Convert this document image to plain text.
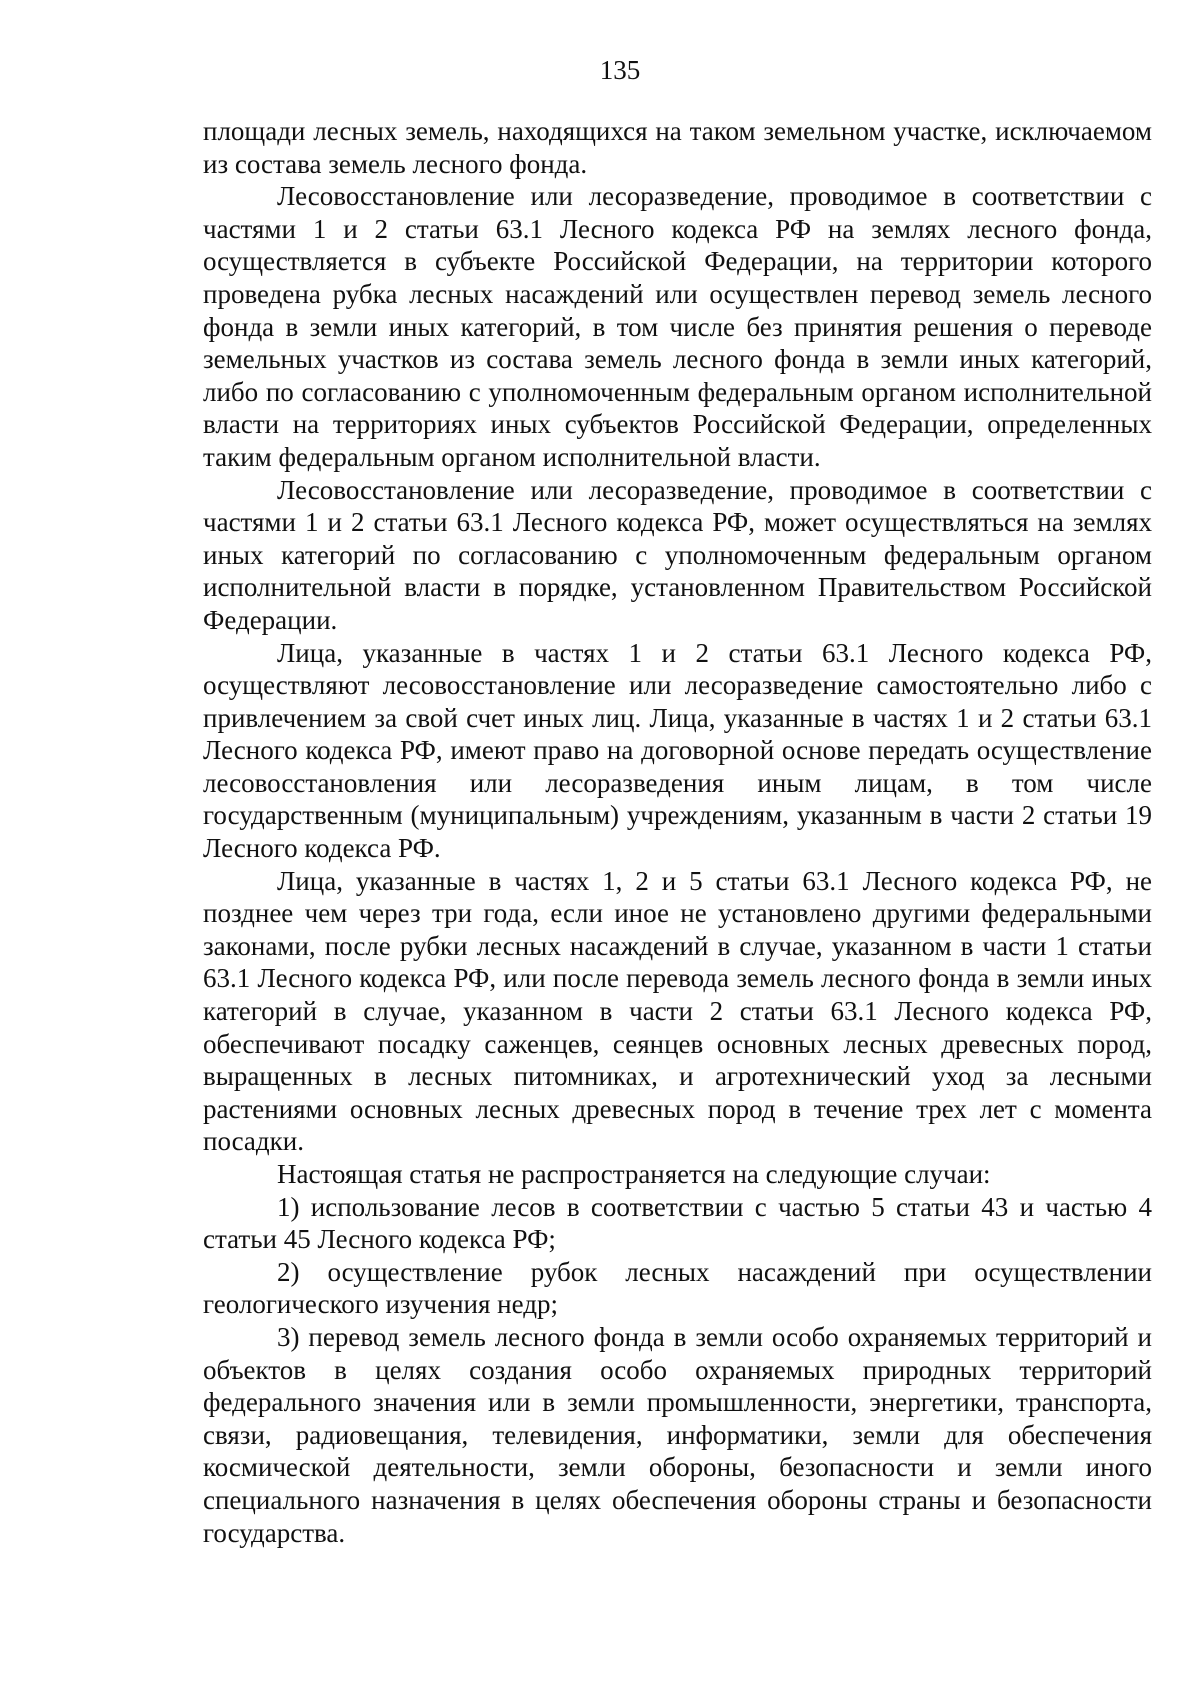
135

площади лесных земель, находящихся на таком земельном участке, исключаемом из состава земель лесного фонда.

Лесовосстановление или лесоразведение, проводимое в соответствии с частями 1 и 2 статьи 63.1 Лесного кодекса РФ на землях лесного фонда, осуществляется в субъекте Российской Федерации, на территории которого проведена рубка лесных насаждений или осуществлен перевод земель лесного фонда в земли иных категорий, в том числе без принятия решения о переводе земельных участков из состава земель лесного фонда в земли иных категорий, либо по согласованию с уполномоченным федеральным органом исполнительной власти на территориях иных субъектов Российской Федерации, определенных таким федеральным органом исполнительной власти.

Лесовосстановление или лесоразведение, проводимое в соответствии с частями 1 и 2 статьи 63.1 Лесного кодекса РФ, может осуществляться на землях иных категорий по согласованию с уполномоченным федеральным органом исполнительной власти в порядке, установленном Правительством Российской Федерации.

Лица, указанные в частях 1 и 2 статьи 63.1 Лесного кодекса РФ, осуществляют лесовосстановление или лесоразведение самостоятельно либо с привлечением за свой счет иных лиц. Лица, указанные в частях 1 и 2 статьи 63.1 Лесного кодекса РФ, имеют право на договорной основе передать осуществление лесовосстановления или лесоразведения иным лицам, в том числе государственным (муниципальным) учреждениям, указанным в части 2 статьи 19 Лесного кодекса РФ.

Лица, указанные в частях 1, 2 и 5 статьи 63.1 Лесного кодекса РФ, не позднее чем через три года, если иное не установлено другими федеральными законами, после рубки лесных насаждений в случае, указанном в части 1 статьи 63.1 Лесного кодекса РФ, или после перевода земель лесного фонда в земли иных категорий в случае, указанном в части 2 статьи 63.1 Лесного кодекса РФ, обеспечивают посадку саженцев, сеянцев основных лесных древесных пород, выращенных в лесных питомниках, и агротехнический уход за лесными растениями основных лесных древесных пород в течение трех лет с момента посадки.

Настоящая статья не распространяется на следующие случаи:

1) использование лесов в соответствии с частью 5 статьи 43 и частью 4 статьи 45 Лесного кодекса РФ;

2) осуществление рубок лесных насаждений при осуществлении геологического изучения недр;

3) перевод земель лесного фонда в земли особо охраняемых территорий и объектов в целях создания особо охраняемых природных территорий федерального значения или в земли промышленности, энергетики, транспорта, связи, радиовещания, телевидения, информатики, земли для обеспечения космической деятельности, земли обороны, безопасности и земли иного специального назначения в целях обеспечения обороны страны и безопасности государства.
